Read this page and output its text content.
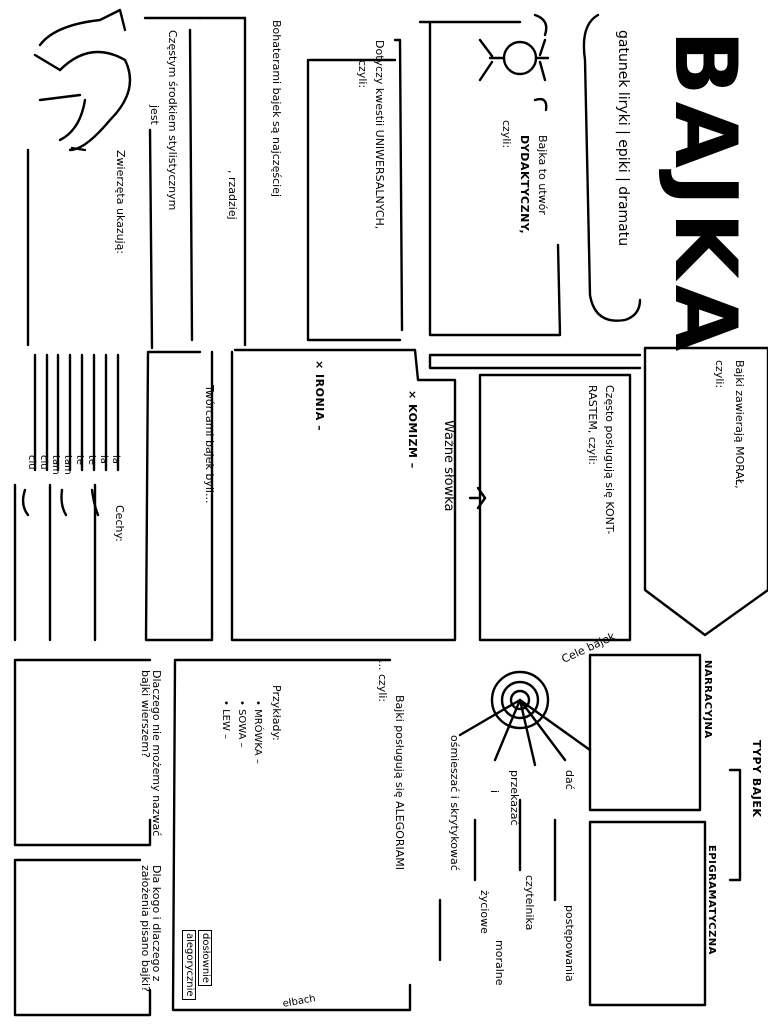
BAJKA
gatunek liryki | epiki | dramatu
Bajka to utwór
DYDAKTYCZNY,
czyli:
Dotyczy kwestii UNIWERSALNYCH,
czyli:
Bohaterami bajek są najczęściej
, rzadziej
Częstym środkiem stylistycznym
jest
Zwierzęta ukazują:
Bajki zawierają MORAŁ,
czyli:
Często posługują się KONT-
RASTEM, czyli:
Ważne słówka
× KOMIZM –
× IRONIA –
Twórcami bajek byli...
Cechy:
la
la
te
te
tam
tam
ciu
ciu
Cele bajek
dać
postępowania
przekazać
czytelnika
moralne
i
ośmieszać i skrytykować
życiowe
Bajki posługują się ALEGORIAMI
... czyli:
Przykłady:
• MRÓWKA –
• SOWA –
• LEW –
dosłownie
alegorycznie
TYPY BAJEK
NARRACYJNA
EPIGRAMATYCZNA
Dlaczego nie możemy nazwać bajki wierszem?
Dla kogo i dlaczego z założenia pisano bajki?
ełbach
